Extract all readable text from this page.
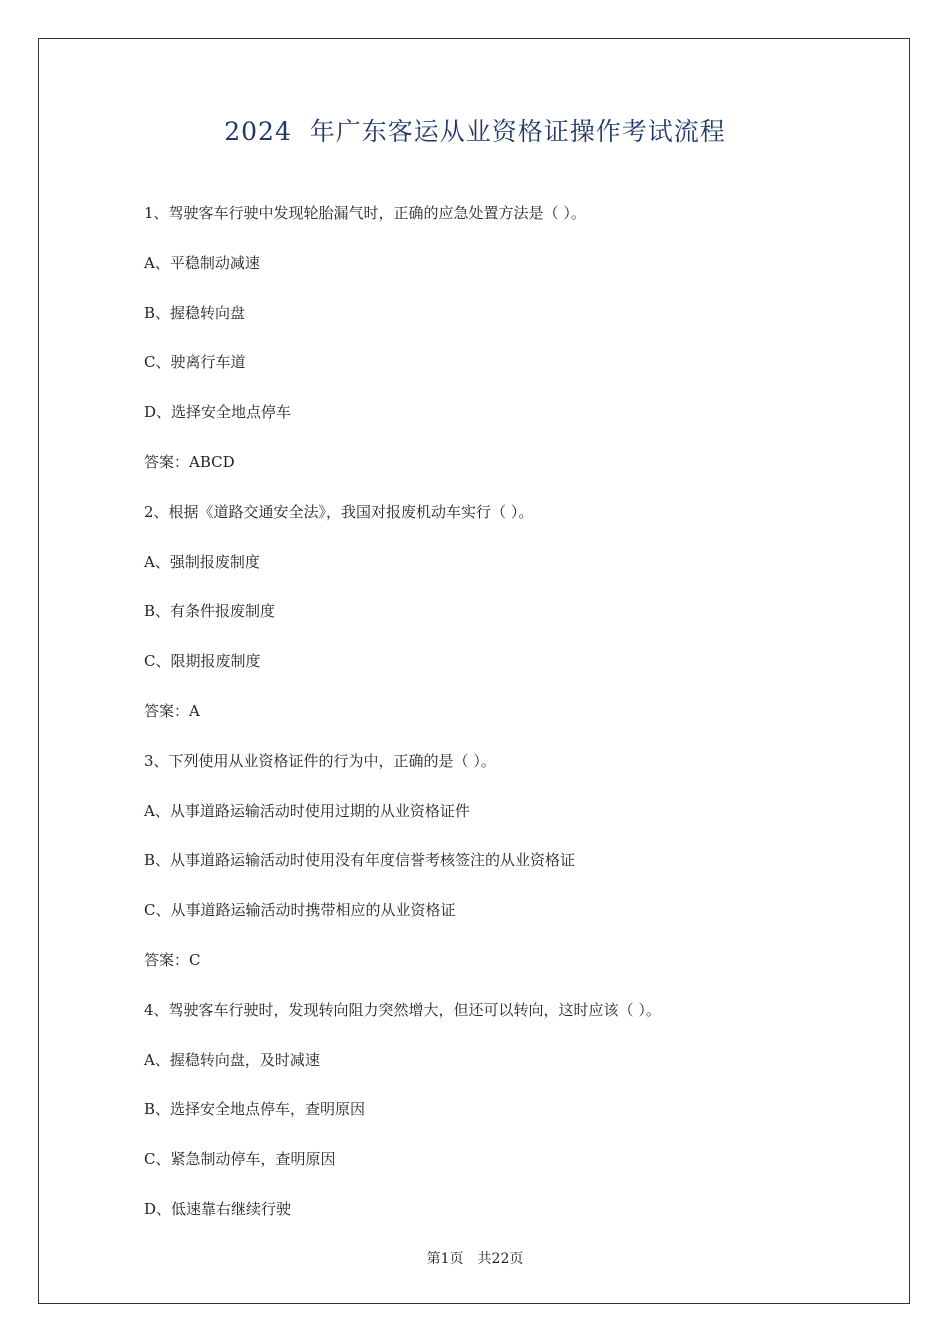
2024  年广东客运从业资格证操作考试流程
1、驾驶客车行驶中发现轮胎漏气时，正确的应急处置方法是（ ）。
A、平稳制动减速
B、握稳转向盘
C、驶离行车道
D、选择安全地点停车
答案：ABCD
2、根据《道路交通安全法》，我国对报废机动车实行（ ）。
A、强制报废制度
B、有条件报废制度
C、限期报废制度
答案：A
3、下列使用从业资格证件的行为中，正确的是（ ）。
A、从事道路运输活动时使用过期的从业资格证件
B、从事道路运输活动时使用没有年度信誉考核签注的从业资格证
C、从事道路运输活动时携带相应的从业资格证
答案：C
4、驾驶客车行驶时，发现转向阻力突然增大，但还可以转向，这时应该（ ）。
A、握稳转向盘，及时减速
B、选择安全地点停车，查明原因
C、紧急制动停车，查明原因
D、低速靠右继续行驶
第1页 共22页
